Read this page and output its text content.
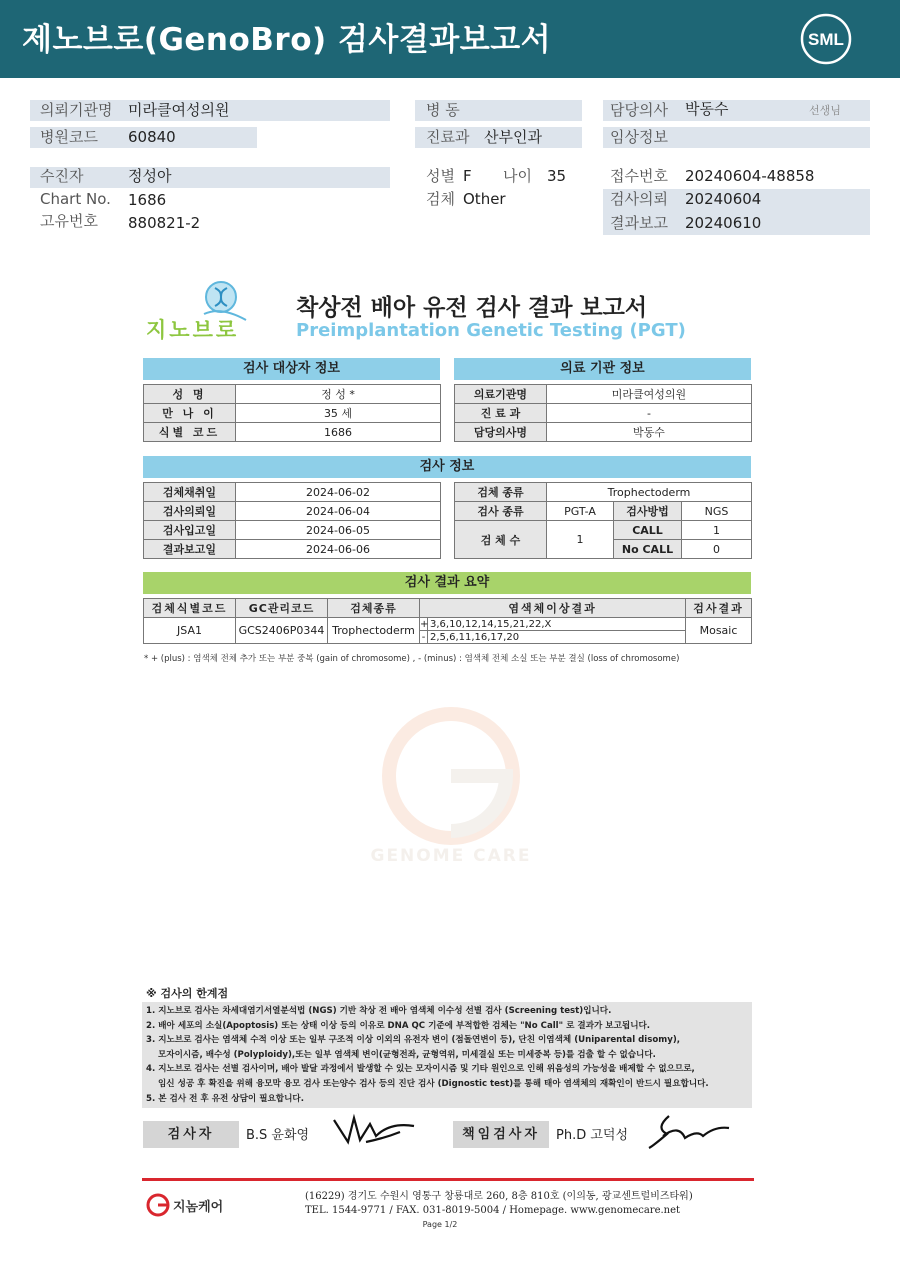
제노브로(GenoBro) 검사결과보고서	SML
의뢰기관명 미라클여성의원
병원코드 60840
수진자	정성아
Chart No. 1686
고유번호 880821-2
병 동
진료과 산부인과
성별 F 나이 35
검체 Other
담당의사 박동수	선생님
임상정보
접수번호 20240604-48858
검사의뢰 20240604
결과보고 20240610
지노브로
착상전 배아 유전 검사 결과 보고서
Preimplantation Genetic Testing (PGT)
검사 대상자 정보
성 명	정 성 *
만 나 이	35 세
식별 코드	1686
의료 기관 정보
의료기관명	미라클여성의원
진 료 과	-
담당의사명	박동수
검사 정보
검체채취일	2024-06-02
검사의뢰일	2024-06-04
검사입고일	2024-06-05
결과보고일	2024-06-06
검체 종류	Trophectoderm		
검사 종류	PGT-A	검사방법	NGS
검 체 수	1	CALL	1
		No CALL	0
검사 결과 요약
검체식별코드	GC관리코드	검체종류	염색체이상결과		검사결과
JSA1	GCS2406P0344	Trophectoderm	+	3,6,10,12,14,15,21,22,X	Mosaic
			-	2,5,6,11,16,17,20	
* + (plus) : 염색체 전체 추가 또는 부분 중복 (gain of chromosome) , - (minus) : 염색체 전체 소실 또는 부분 결실 (loss of chromosome)
GENOME CARE
※ 검사의 한계점
1. 지노브로 검사는 차세대염기서열분석법 (NGS) 기반 착상 전 배아 염색체 이수성 선별 검사 (Screening test)입니다.
2. 배아 세포의 소실(Apoptosis) 또는 상태 이상 등의 이유로 DNA QC 기준에 부적합한 검체는 "No Call" 로 결과가 보고됩니다.
3. 지노브로 검사는 염색체 수적 이상 또는 일부 구조적 이상 이외의 유전자 변이 (점돌연변이 등), 단친 이염색체 (Uniparental disomy),
모자이시즘, 배수성 (Polyploidy),또는 일부 염색체 변이(균형전좌, 균형역위, 미세결실 또는 미세중복 등)를 검출 할 수 없습니다.
4. 지노브로 검사는 선별 검사이며, 배아 발달 과정에서 발생할 수 있는 모자이시즘 및 기타 원인으로 인해 위음성의 가능성을 배제할 수 없으므로,
임신 성공 후 확진을 위해 융모막 융모 검사 또는양수 검사 등의 진단 검사 (Dignostic test)를 통해 태아 염색체의 재확인이 반드시 필요합니다.
5. 본 검사 전 후 유전 상담이 필요합니다.
검사자	B.S 윤화영	책임검사자	Ph.D 고덕성
지놈케어
(16229) 경기도 수원시 영통구 창룡대로 260, 8층 810호 (이의동, 광교센트럴비즈타워)
TEL. 1544-9771 / FAX. 031-8019-5004 / Homepage. www.genomecare.net
Page 1/2
